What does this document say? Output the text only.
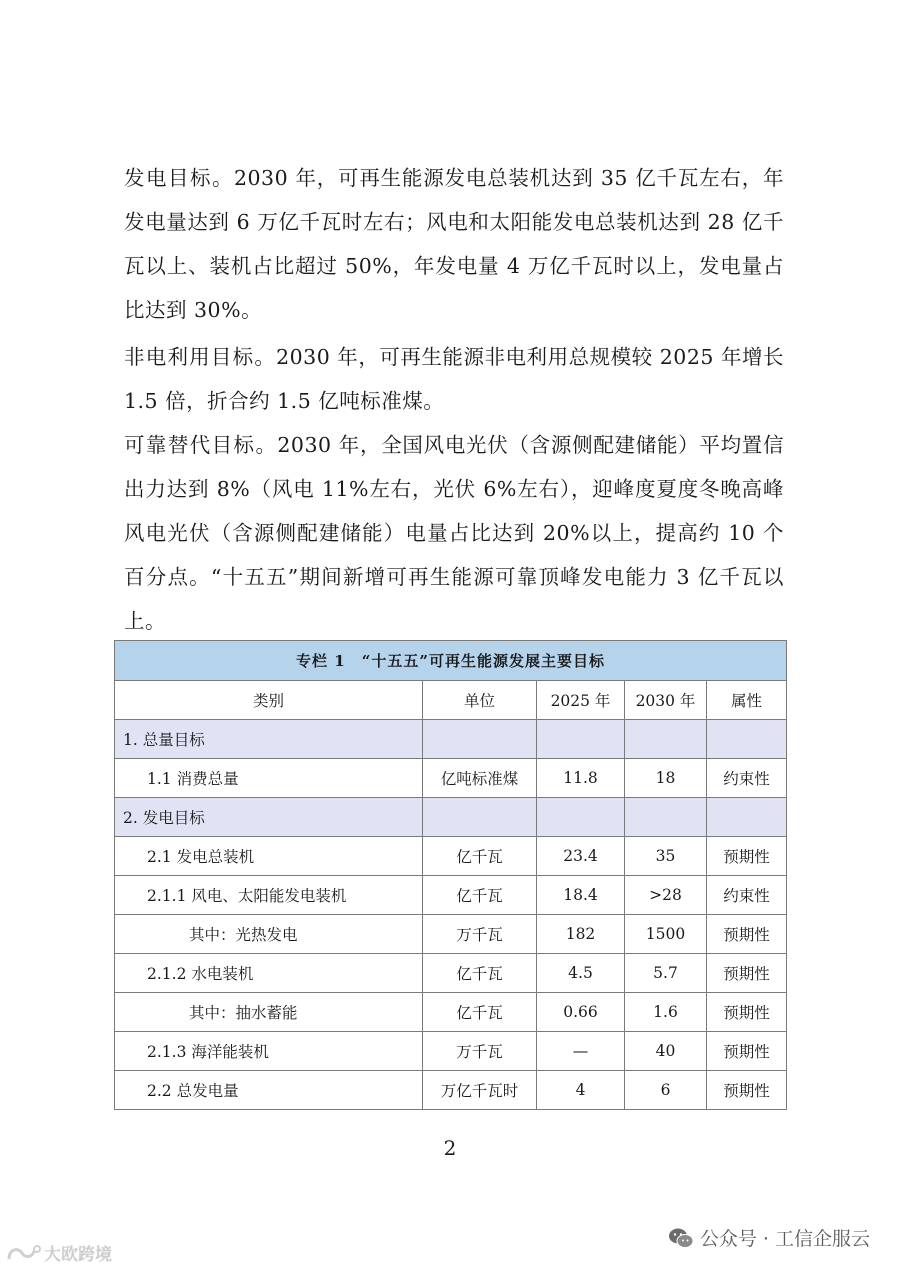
发电目标。2030 年，可再生能源发电总装机达到 35 亿千瓦左右，年发电量达到 6 万亿千瓦时左右；风电和太阳能发电总装机达到 28 亿千瓦以上、装机占比超过 50%，年发电量 4 万亿千瓦时以上，发电量占比达到 30%。
非电利用目标。2030 年，可再生能源非电利用总规模较 2025 年增长 1.5 倍，折合约 1.5 亿吨标准煤。
可靠替代目标。2030 年，全国风电光伏（含源侧配建储能）平均置信出力达到 8%（风电 11%左右，光伏 6%左右），迎峰度夏度冬晚高峰风电光伏（含源侧配建储能）电量占比达到 20%以上，提高约 10 个百分点。“十五五”期间新增可再生能源可靠顶峰发电能力 3 亿千瓦以上。
专栏 1　“十五五”可再生能源发展主要目标				
类别	单位	2025 年	2030 年	属性
1. 总量目标				
1.1 消费总量	亿吨标准煤	11.8	18	约束性
2. 发电目标				
2.1 发电总装机	亿千瓦	23.4	35	预期性
2.1.1 风电、太阳能发电装机	亿千瓦	18.4	>28	约束性
其中：光热发电	万千瓦	182	1500	预期性
2.1.2 水电装机	亿千瓦	4.5	5.7	预期性
其中：抽水蓄能	亿千瓦	0.66	1.6	预期性
2.1.3 海洋能装机	万千瓦	—	40	预期性
2.2 总发电量	万亿千瓦时	4	6	预期性
2
公众号 · 工信企服云
大欧跨境
